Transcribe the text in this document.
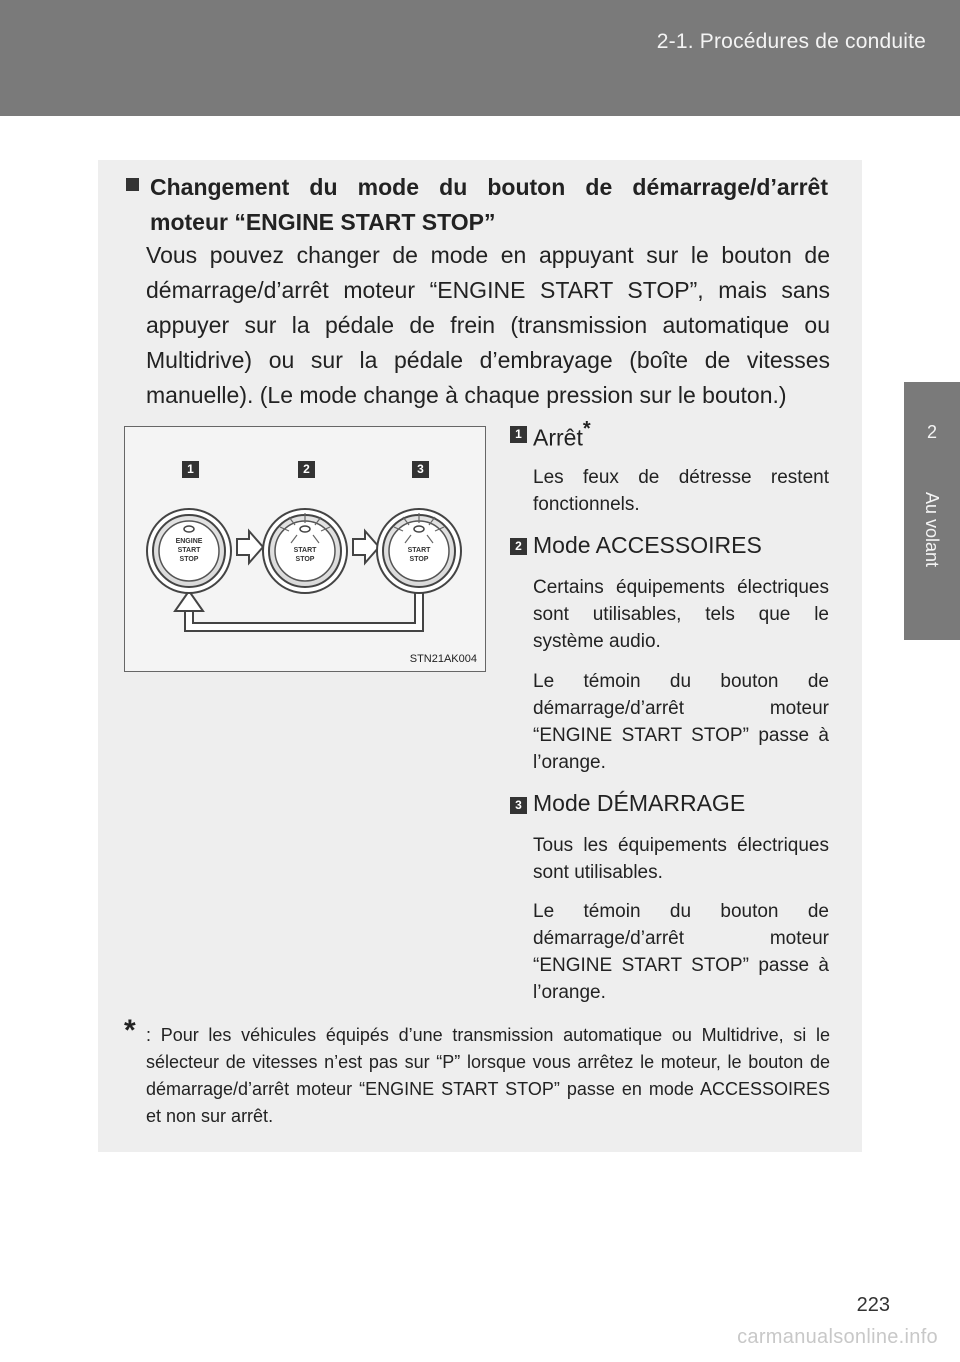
2-1. Procédures de conduite
2
Au volant
Changement du mode du bouton de démarrage/d’arrêt moteur “ENGINE START STOP”
Vous pouvez changer de mode en appuyant sur le bouton de démarrage/d’arrêt moteur “ENGINE START STOP”, mais sans appuyer sur la pédale de frein (transmission automatique ou Multidrive) ou sur la pédale d’embrayage (boîte de vitesses manuelle). (Le mode change à chaque pression sur le bouton.)
ENGINE
START
STOP
START
STOP
START
STOP
1	2	3
STN21AK004
1 Arrêt*
Les feux de détresse restent fonctionnels.
2 Mode ACCESSOIRES
Certains équipements électriques sont utilisables, tels que le système audio.
Le témoin du bouton de démarrage/d’arrêt moteur “ENGINE START STOP” passe à l’orange.
3 Mode DÉMARRAGE
Tous les équipements électriques sont utilisables.
Le témoin du bouton de démarrage/d’arrêt moteur “ENGINE START STOP” passe à l’orange.
* : Pour les véhicules équipés d’une transmission automatique ou Multidrive, si le sélecteur de vitesses n’est pas sur “P” lorsque vous arrêtez le moteur, le bouton de démarrage/d’arrêt moteur “ENGINE START STOP” passe en mode ACCESSOIRES et non sur arrêt.
223
carmanualsonline.info
